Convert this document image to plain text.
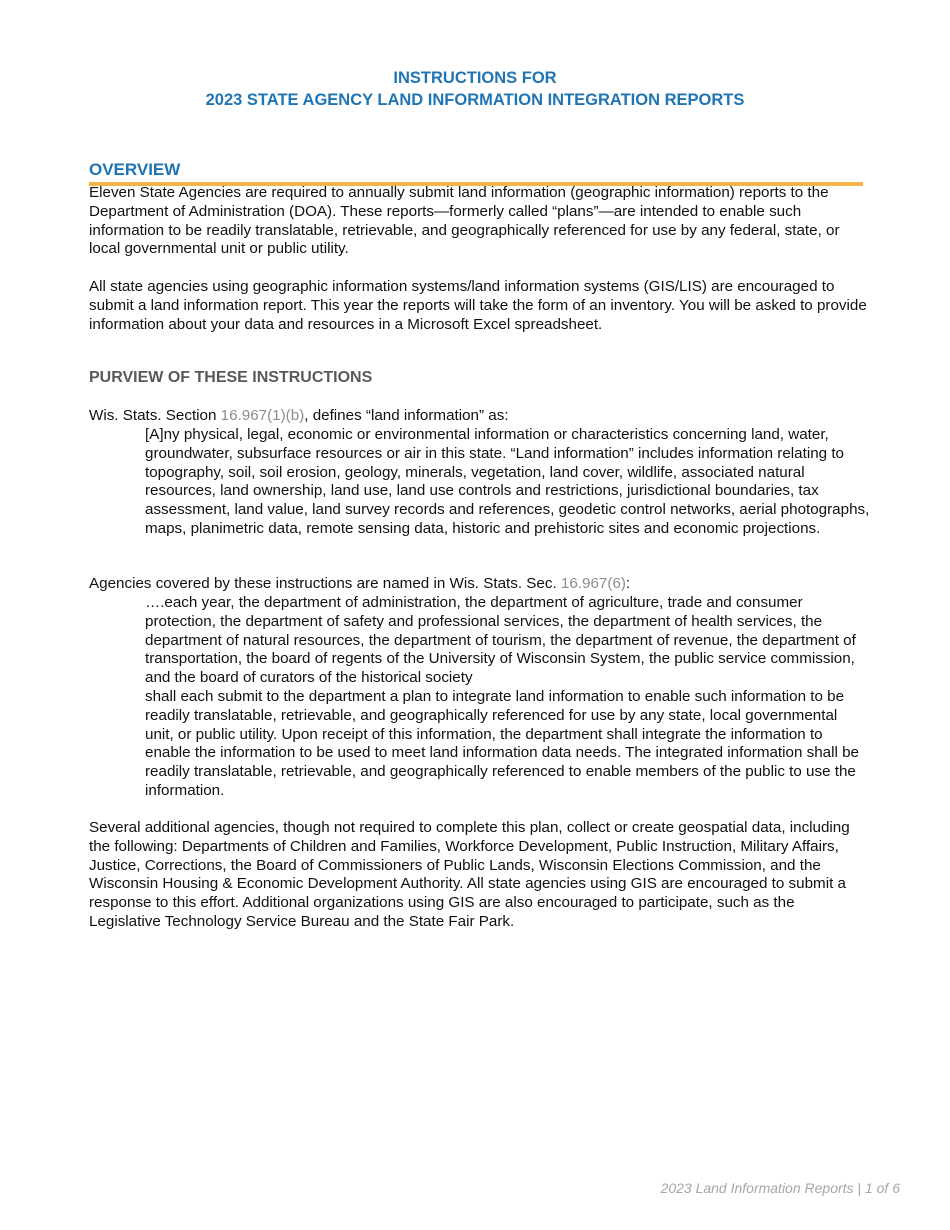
INSTRUCTIONS FOR
2023 STATE AGENCY LAND INFORMATION INTEGRATION REPORTS
OVERVIEW
Eleven State Agencies are required to annually submit land information (geographic information) reports to the Department of Administration (DOA). These reports—formerly called “plans”—are intended to enable such information to be readily translatable, retrievable, and geographically referenced for use by any federal, state, or local governmental unit or public utility.
All state agencies using geographic information systems/land information systems (GIS/LIS) are encouraged to submit a land information report. This year the reports will take the form of an inventory. You will be asked to provide information about your data and resources in a Microsoft Excel spreadsheet.
PURVIEW OF THESE INSTRUCTIONS
Wis. Stats. Section 16.967(1)(b), defines “land information” as:
[A]ny physical, legal, economic or environmental information or characteristics concerning land, water, groundwater, subsurface resources or air in this state. “Land information” includes information relating to topography, soil, soil erosion, geology, minerals, vegetation, land cover, wildlife, associated natural resources, land ownership, land use, land use controls and restrictions, jurisdictional boundaries, tax assessment, land value, land survey records and references, geodetic control networks, aerial photographs, maps, planimetric data, remote sensing data, historic and prehistoric sites and economic projections.
Agencies covered by these instructions are named in Wis. Stats. Sec. 16.967(6):
….each year, the department of administration, the department of agriculture, trade and consumer protection, the department of safety and professional services, the department of health services, the department of natural resources, the department of tourism, the department of revenue, the department of transportation, the board of regents of the University of Wisconsin System, the public service commission, and the board of curators of the historical society
shall each submit to the department a plan to integrate land information to enable such information to be readily translatable, retrievable, and geographically referenced for use by any state, local governmental unit, or public utility. Upon receipt of this information, the department shall integrate the information to enable the information to be used to meet land information data needs. The integrated information shall be readily translatable, retrievable, and geographically referenced to enable members of the public to use the information.
Several additional agencies, though not required to complete this plan, collect or create geospatial data, including the following: Departments of Children and Families, Workforce Development, Public Instruction, Military Affairs, Justice, Corrections, the Board of Commissioners of Public Lands, Wisconsin Elections Commission, and the Wisconsin Housing & Economic Development Authority. All state agencies using GIS are encouraged to submit a response to this effort. Additional organizations using GIS are also encouraged to participate, such as the Legislative Technology Service Bureau and the State Fair Park.
2023 Land Information Reports | 1 of 6
